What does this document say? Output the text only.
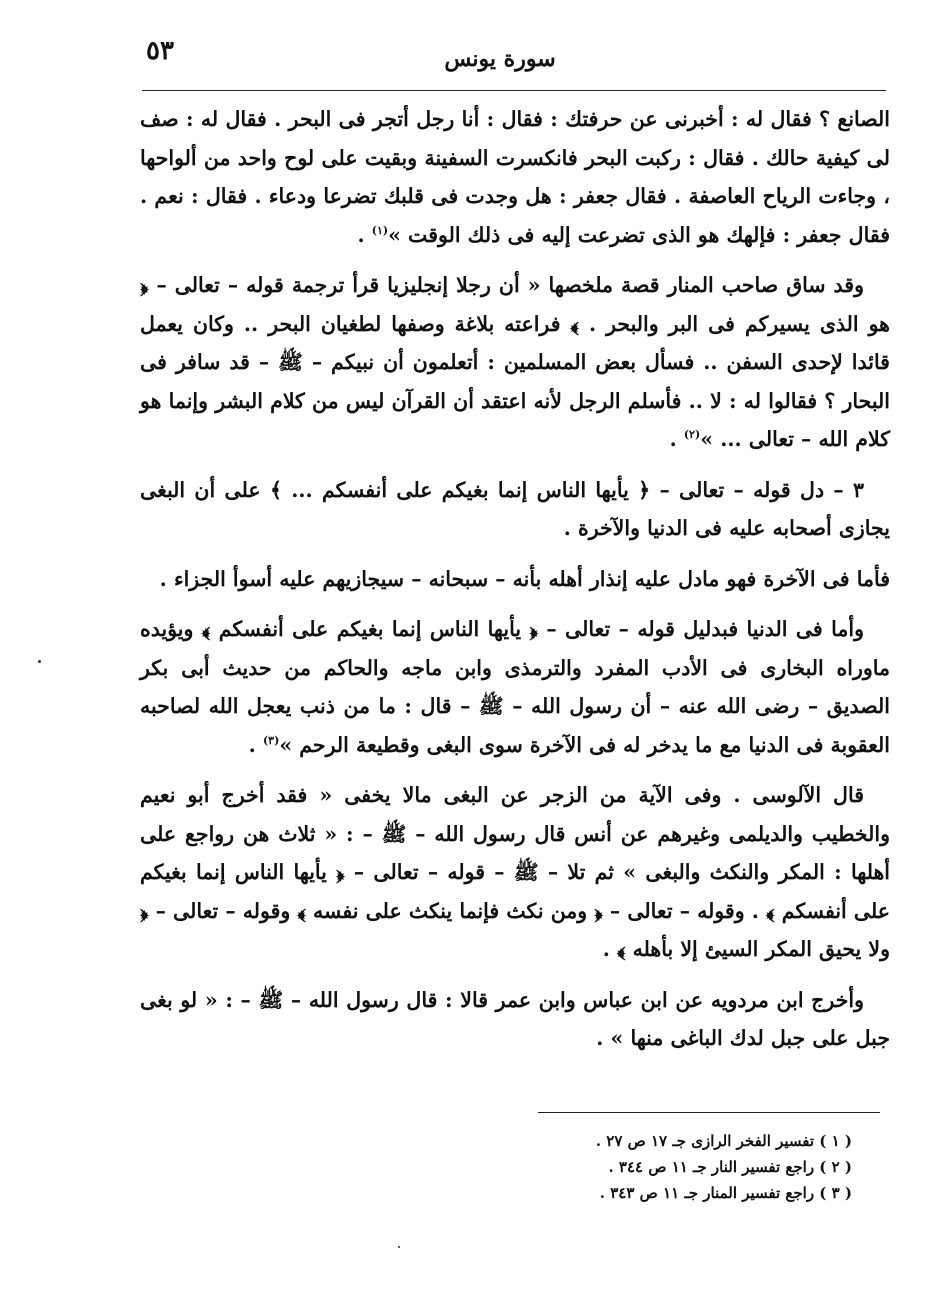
٥٣	سورة يونس

الصانع ؟ فقال له : أخبرنى عن حرفتك : فقال : أنا رجل أتجر فى البحر . فقال له : صف لى كيفية حالك . فقال : ركبت البحر فانكسرت السفينة وبقيت على لوح واحد من ألواحها ، وجاءت الرياح العاصفة . فقال جعفر : هل وجدت فى قلبك تضرعا ودعاء . فقال : نعم . فقال جعفر : فإلهك هو الذى تضرعت إليه فى ذلك الوقت »$^{(١)}$ .

وقد ساق صاحب المنار قصة ملخصها « أن رجلا إنجليزيا قرأ ترجمة قوله – تعالى – ﴿ هو الذى يسيركم فى البر والبحر . ﴾ فراعته بلاغة وصفها لطغيان البحر .. وكان يعمل قائدا لإحدى السفن .. فسأل بعض المسلمين : أتعلمون أن نبيكم – ﷺ – قد سافر فى البحار ؟ فقالوا له : لا .. فأسلم الرجل لأنه اعتقد أن القرآن ليس من كلام البشر وإنما هو كلام الله – تعالى ... »$^{(٢)}$ .

٣ – دل قوله – تعالى – ﴿ يأيها الناس إنما بغيكم على أنفسكم ... ﴾ على أن البغى يجازى أصحابه عليه فى الدنيا والآخرة .

فأما فى الآخرة فهو مادل عليه إنذار أهله بأنه – سبحانه – سيجازيهم عليه أسوأ الجزاء .

وأما فى الدنيا فبدليل قوله – تعالى – ﴿ يأيها الناس إنما بغيكم على أنفسكم ﴾ ويؤيده ماوراه البخارى فى الأدب المفرد والترمذى وابن ماجه والحاكم من حديث أبى بكر الصديق – رضى الله عنه – أن رسول الله – ﷺ – قال : ما من ذنب يعجل الله لصاحبه العقوبة فى الدنيا مع ما يدخر له فى الآخرة سوى البغى وقطيعة الرحم »$^{(٣)}$ .

قال الآلوسى . وفى الآية من الزجر عن البغى مالا يخفى « فقد أخرج أبو نعيم والخطيب والديلمى وغيرهم عن أنس قال رسول الله – ﷺ – : « ثلاث هن رواجع على أهلها : المكر والنكث والبغى » ثم تلا – ﷺ – قوله – تعالى – ﴿ يأيها الناس إنما بغيكم على أنفسكم ﴾ . وقوله – تعالى – ﴿ ومن نكث فإنما ينكث على نفسه ﴾ وقوله – تعالى – ﴿ ولا يحيق المكر السيئ إلا بأهله ﴾ .

وأخرج ابن مردويه عن ابن عباس وابن عمر قالا : قال رسول الله – ﷺ – : « لو بغى جبل على جبل لدك الباغى منها » .

( ١ ) تفسير الفخر الرازى جـ ١٧ ص ٢٧ .
( ٢ ) راجع تفسير النار جـ ١١ ص ٣٤٤ .
( ٣ ) راجع تفسير المنار جـ ١١ ص ٣٤٣ .
